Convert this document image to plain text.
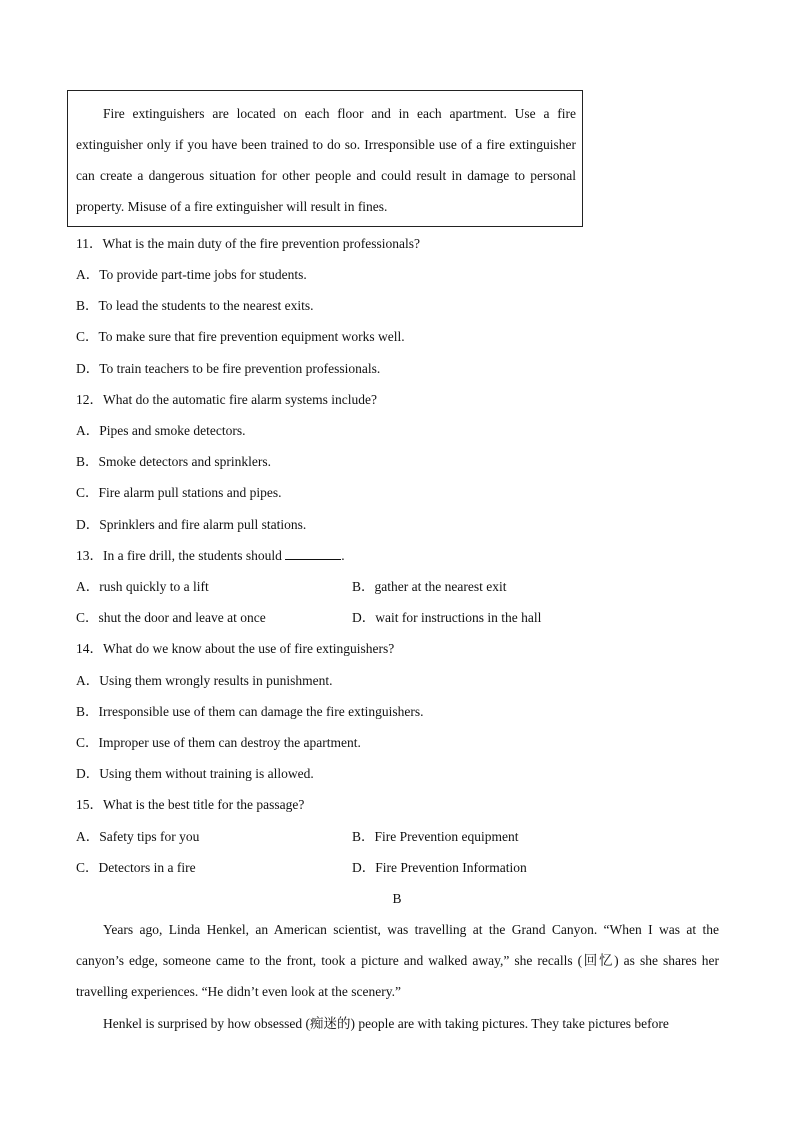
Fire extinguishers are located on each floor and in each apartment. Use a fire extinguisher only if you have been trained to do so. Irresponsible use of a fire extinguisher can create a dangerous situation for other people and could result in damage to personal property. Misuse of a fire extinguisher will result in fines.
11．What is the main duty of the fire prevention professionals?
A．To provide part-time jobs for students.
B．To lead the students to the nearest exits.
C．To make sure that fire prevention equipment works well.
D．To train teachers to be fire prevention professionals.
12．What do the automatic fire alarm systems include?
A．Pipes and smoke detectors.
B．Smoke detectors and sprinklers.
C．Fire alarm pull stations and pipes.
D．Sprinklers and fire alarm pull stations.
13．In a fire drill, the students should	.
A．rush quickly to a lift	B．gather at the nearest exit
C．shut the door and leave at once	D．wait for instructions in the hall
14．What do we know about the use of fire extinguishers?
A．Using them wrongly results in punishment.
B．Irresponsible use of them can damage the fire extinguishers.
C．Improper use of them can destroy the apartment.
D．Using them without training is allowed.
15．What is the best title for the passage?
A．Safety tips for you	B．Fire Prevention equipment
C．Detectors in a fire	D．Fire Prevention Information
B
Years ago, Linda Henkel, an American scientist, was travelling at the Grand Canyon. “When I was at the canyon’s edge, someone came to the front, took a picture and walked away,” she recalls (回忆) as she shares her travelling experiences. “He didn’t even look at the scenery.”
Henkel is surprised by how obsessed (痴迷的) people are with taking pictures. They take pictures before
